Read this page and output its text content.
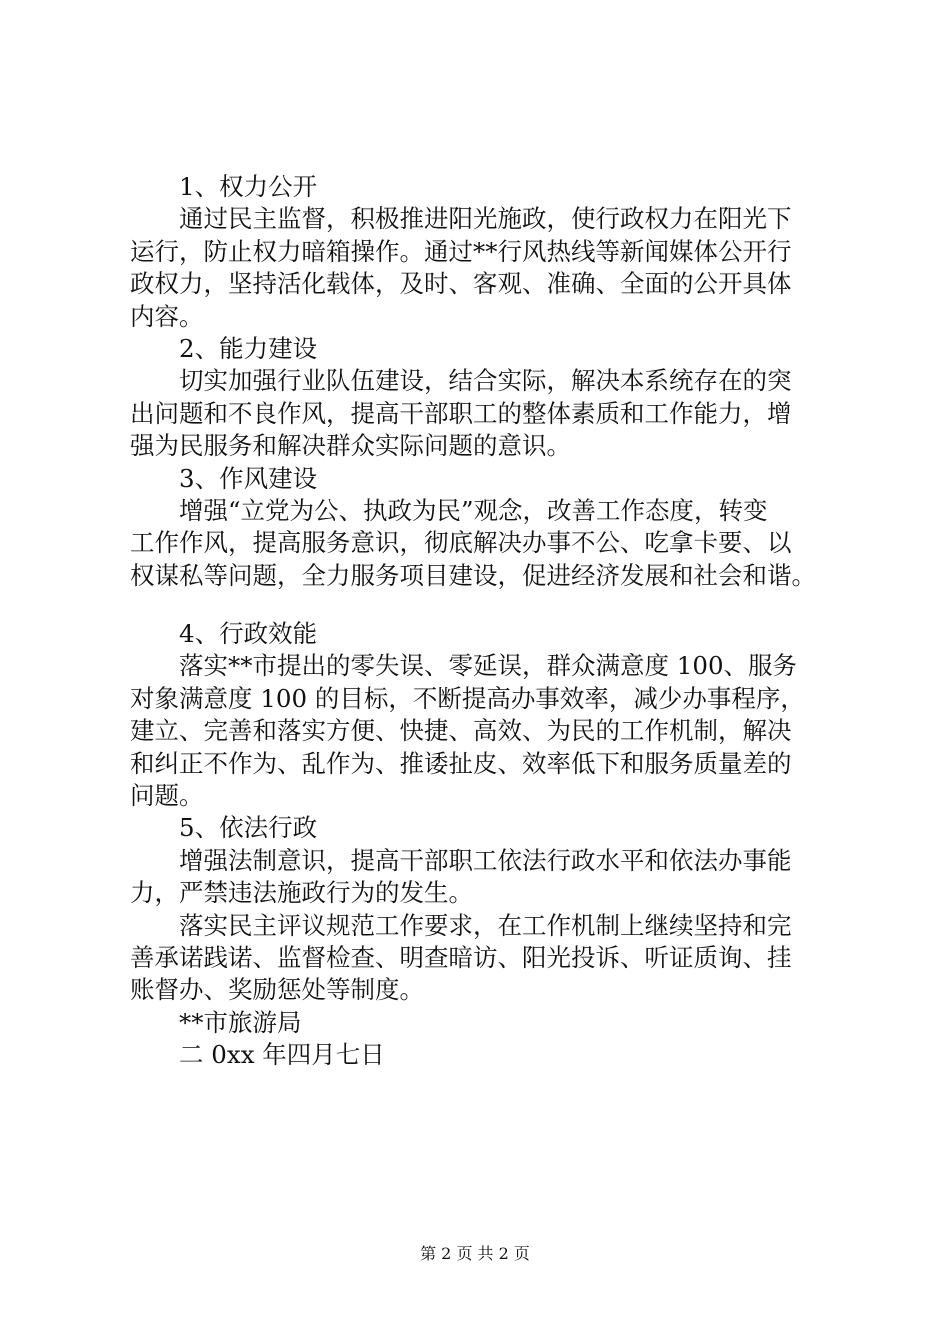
1、权力公开
通过民主监督，积极推进阳光施政，使行政权力在阳光下
运行，防止权力暗箱操作。通过**行风热线等新闻媒体公开行
政权力，坚持活化载体，及时、客观、准确、全面的公开具体
内容。
2、能力建设
切实加强行业队伍建设，结合实际，解决本系统存在的突
出问题和不良作风，提高干部职工的整体素质和工作能力，增
强为民服务和解决群众实际问题的意识。
3、作风建设
增强“立党为公、执政为民”观念，改善工作态度，转变
工作作风，提高服务意识，彻底解决办事不公、吃拿卡要、以
权谋私等问题，全力服务项目建设，促进经济发展和社会和谐。
4、行政效能
落实**市提出的零失误、零延误，群众满意度 100、服务
对象满意度 100 的目标，不断提高办事效率，减少办事程序，
建立、完善和落实方便、快捷、高效、为民的工作机制，解决
和纠正不作为、乱作为、推诿扯皮、效率低下和服务质量差的
问题。
5、依法行政
增强法制意识，提高干部职工依法行政水平和依法办事能
力，严禁违法施政行为的发生。
落实民主评议规范工作要求，在工作机制上继续坚持和完
善承诺践诺、监督检查、明查暗访、阳光投诉、听证质询、挂
账督办、奖励惩处等制度。
**市旅游局
二 0xx 年四月七日
第 2 页 共 2 页
